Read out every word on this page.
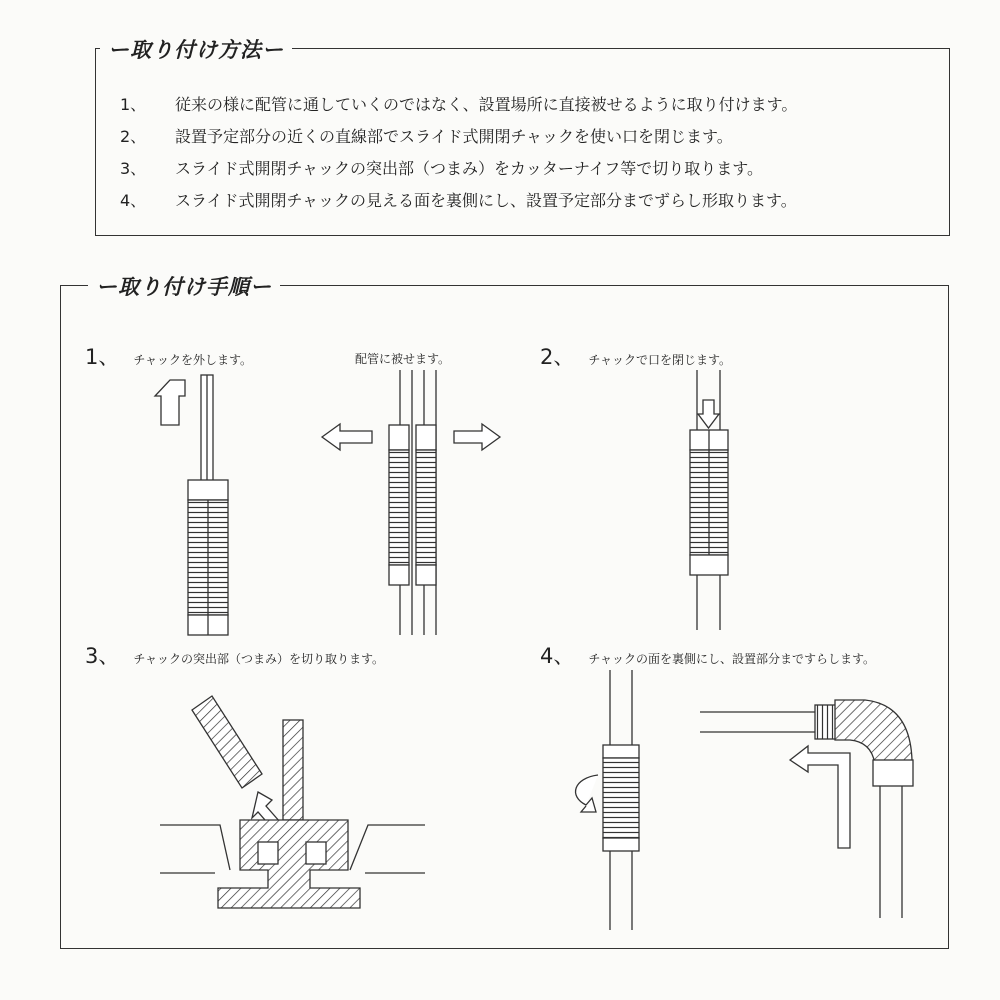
ー取り付け方法ー
1、 従来の様に配管に通していくのではなく、設置場所に直接被せるように取り付けます。
2、 設置予定部分の近くの直線部でスライド式開閉チャックを使い口を閉じます。
3、 スライド式開閉チャックの突出部（つまみ）をカッターナイフ等で切り取ります。
4、 スライド式開閉チャックの見える面を裏側にし、設置予定部分までずらし形取ります。
ー取り付け手順ー
1、 チャックを外します。	配管に被せます。	2、 チャックで口を閉じます。
3、 チャックの突出部（つまみ）を切り取ります。	4、 チャックの面を裏側にし、設置部分まですらします。
